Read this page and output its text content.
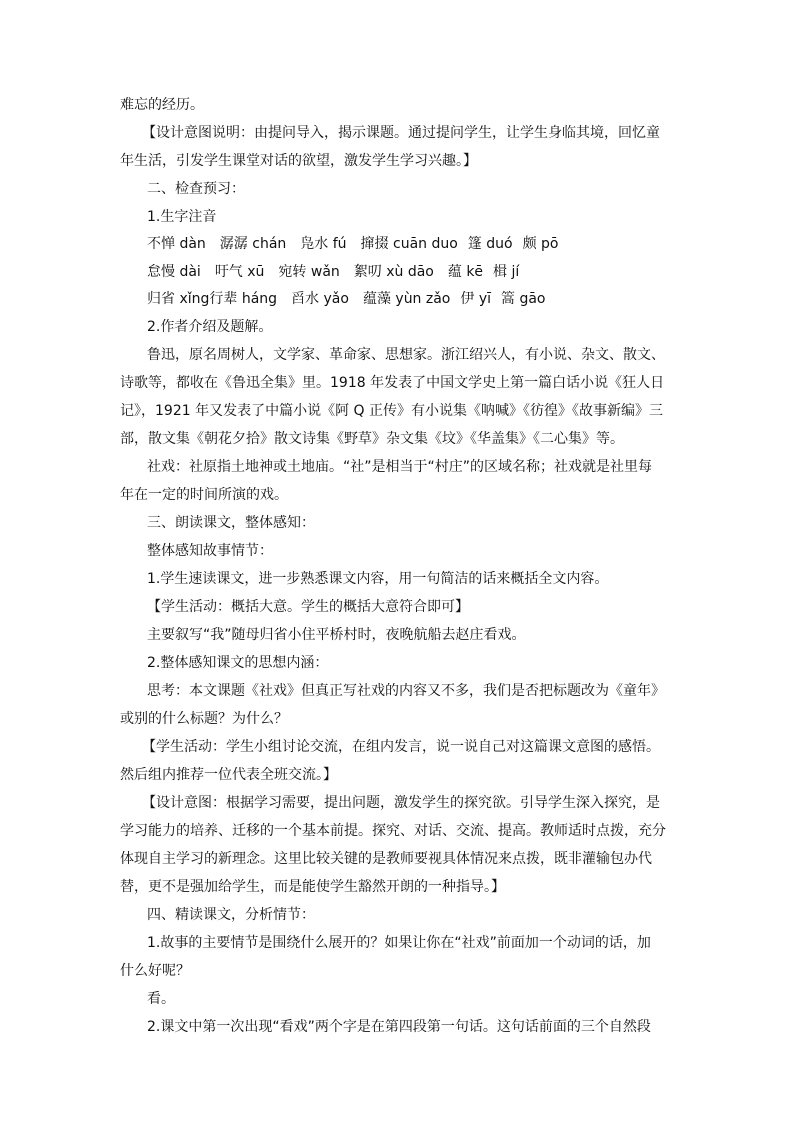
难忘的经历。
【设计意图说明：由提问导入，揭示课题。通过提问学生，让学生身临其境，回忆童
年生活，引发学生课堂对话的欲望，激发学生学习兴趣。】
二、检查预习：
1.生字注音
不惮 dàn 潺潺 chán 凫水 fú 撺掇 cuān duo 篷 duó 颇 pō
怠慢 dài 吁气 xū 宛转 wǎn 絮叨 xù dāo 蕴 kē 楫 jí
归省 xǐng行辈 háng 舀水 yǎo 蕴藻 yùn zǎo 伊 yī 篙 gāo
2.作者介绍及题解。
鲁迅，原名周树人，文学家、革命家、思想家。浙江绍兴人，有小说、杂文、散文、
诗歌等，都收在《鲁迅全集》里。1918 年发表了中国文学史上第一篇白话小说《狂人日
记》，1921 年又发表了中篇小说《阿 Q 正传》有小说集《呐喊》《彷徨》《故事新编》三
部，散文集《朝花夕拾》散文诗集《野草》杂文集《坟》《华盖集》《二心集》等。
社戏：社原指土地神或土地庙。“社”是相当于“村庄”的区域名称；社戏就是社里每
年在一定的时间所演的戏。
三、朗读课文，整体感知：
整体感知故事情节：
1.学生速读课文，进一步熟悉课文内容，用一句简洁的话来概括全文内容。
【学生活动：概括大意。学生的概括大意符合即可】
主要叙写“我”随母归省小住平桥村时，夜晚航船去赵庄看戏。
2.整体感知课文的思想内涵：
思考：本文课题《社戏》但真正写社戏的内容又不多，我们是否把标题改为《童年》
或别的什么标题？为什么？
【学生活动：学生小组讨论交流，在组内发言，说一说自己对这篇课文意图的感悟。
然后组内推荐一位代表全班交流。】
【设计意图：根据学习需要，提出问题，激发学生的探究欲。引导学生深入探究，是
学习能力的培养、迁移的一个基本前提。探究、对话、交流、提高。教师适时点拨，充分
体现自主学习的新理念。这里比较关键的是教师要视具体情况来点拨，既非灌输包办代
替，更不是强加给学生，而是能使学生豁然开朗的一种指导。】
四、精读课文，分析情节：
1.故事的主要情节是围绕什么展开的？如果让你在“社戏”前面加一个动词的话，加
什么好呢？
看。
2.课文中第一次出现“看戏”两个字是在第四段第一句话。这句话前面的三个自然段
